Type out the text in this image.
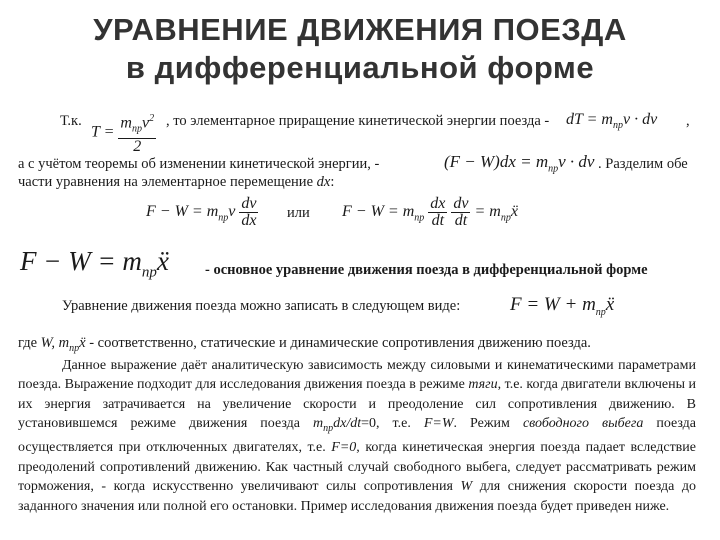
УРАВНЕНИЕ ДВИЖЕНИЯ ПОЕЗДА
в дифференциальной форме
Т.к.
$T = \frac{m_{пр}v^2}{2}$ , то элементарное приращение кинетической энергии поезда - dT = $m_{пр}v$ · dv ,
а с учётом теоремы об изменении кинетической энергии, -	$(F - W)dx = m_{пр}v$ · dv . Разделим обе
части уравнения на элементарное перемещение dx:
$F - W = m_{пр}v \frac{dv}{dx}$ или $F - W = m_{пр} \frac{dx}{dt}$
$\frac{dv}{dt}$ = $m_{пр}ẍ$
$F - W = m_{пр}ẍ$ - основное уравнение движения поезда в дифференциальной форме
Уравнение движения поезда можно записать в следующем виде:	$F = W + m_{пр}ẍ$
где W, $m_{пр}ẍ$ - соответственно, статические и динамические сопротивления движению поезда.

Данное выражение даёт аналитическую зависимость между силовыми и кинематическими параметрами поезда. Выражение подходит для исследования движения поезда в режиме тяги, т.е. когда двигатели включены и их энергия затрачивается на увеличение скорости и преодоление сил сопротивления движению. В установившемся режиме движения поезда $m_{пр}dx/dt=0$, т.е. F=W. Режим свободного выбега поезда осуществляется при отключенных двигателях, т.е. F=0, когда кинетическая энергия поезда падает вследствие преодолений сопротивлений движению. Как частный случай свободного выбега, следует рассматривать режим торможения, - когда искусственно увеличивают силы сопротивления W для снижения скорости поезда до заданного значения или полной его остановки. Пример исследования движения поезда будет приведен ниже.
